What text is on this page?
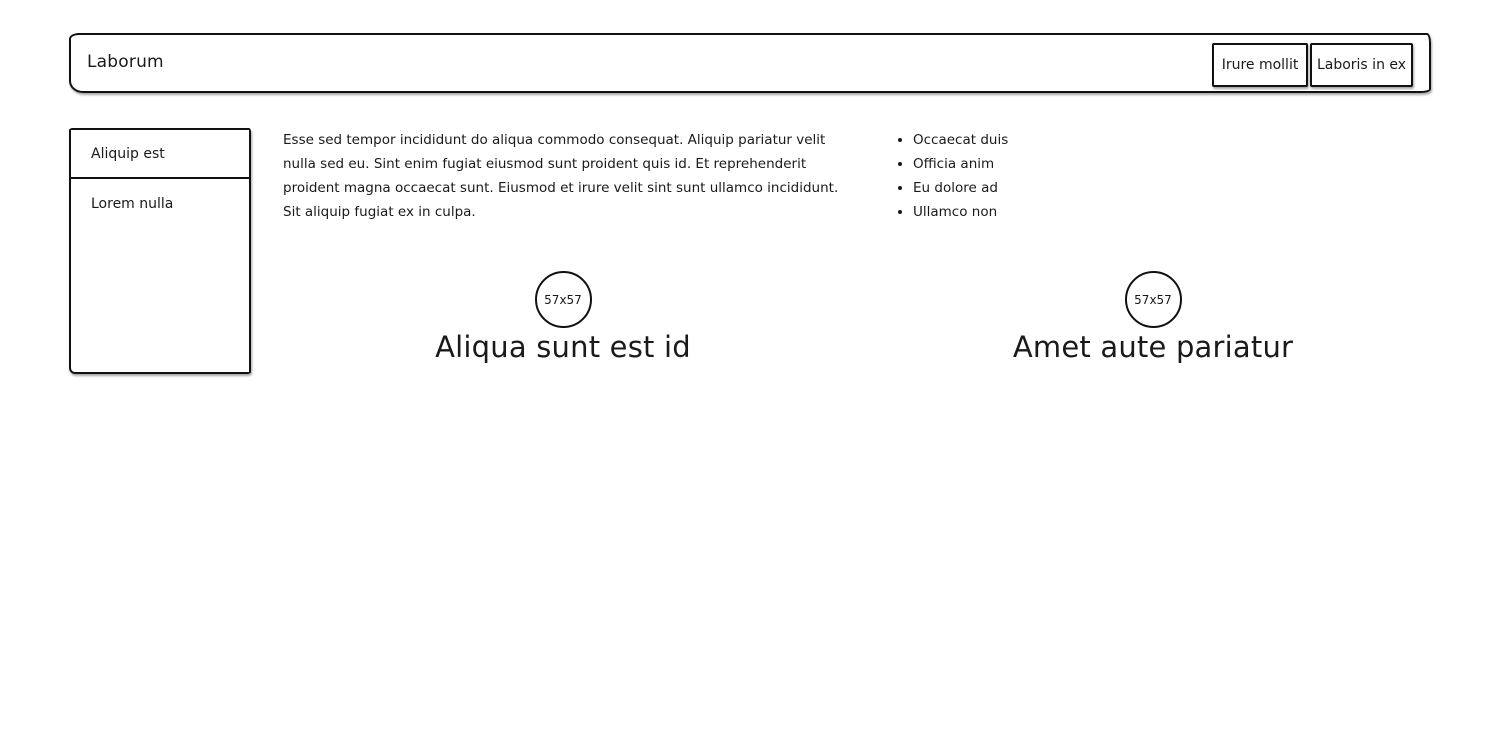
Laborum	Irure mollit	Laboris in ex
Aliquip est
Lorem nulla
Esse sed tempor incididunt do aliqua commodo consequat. Aliquip pariatur velit nulla sed eu. Sint enim fugiat eiusmod sunt proident quis id. Et reprehenderit proident magna occaecat sunt. Eiusmod et irure velit sint sunt ullamco incididunt. Sit aliquip fugiat ex in culpa.
• Occaecat duis
• Officia anim
• Eu dolore ad
• Ullamco non
57x57
Aliqua sunt est id
57x57
Amet aute pariatur
